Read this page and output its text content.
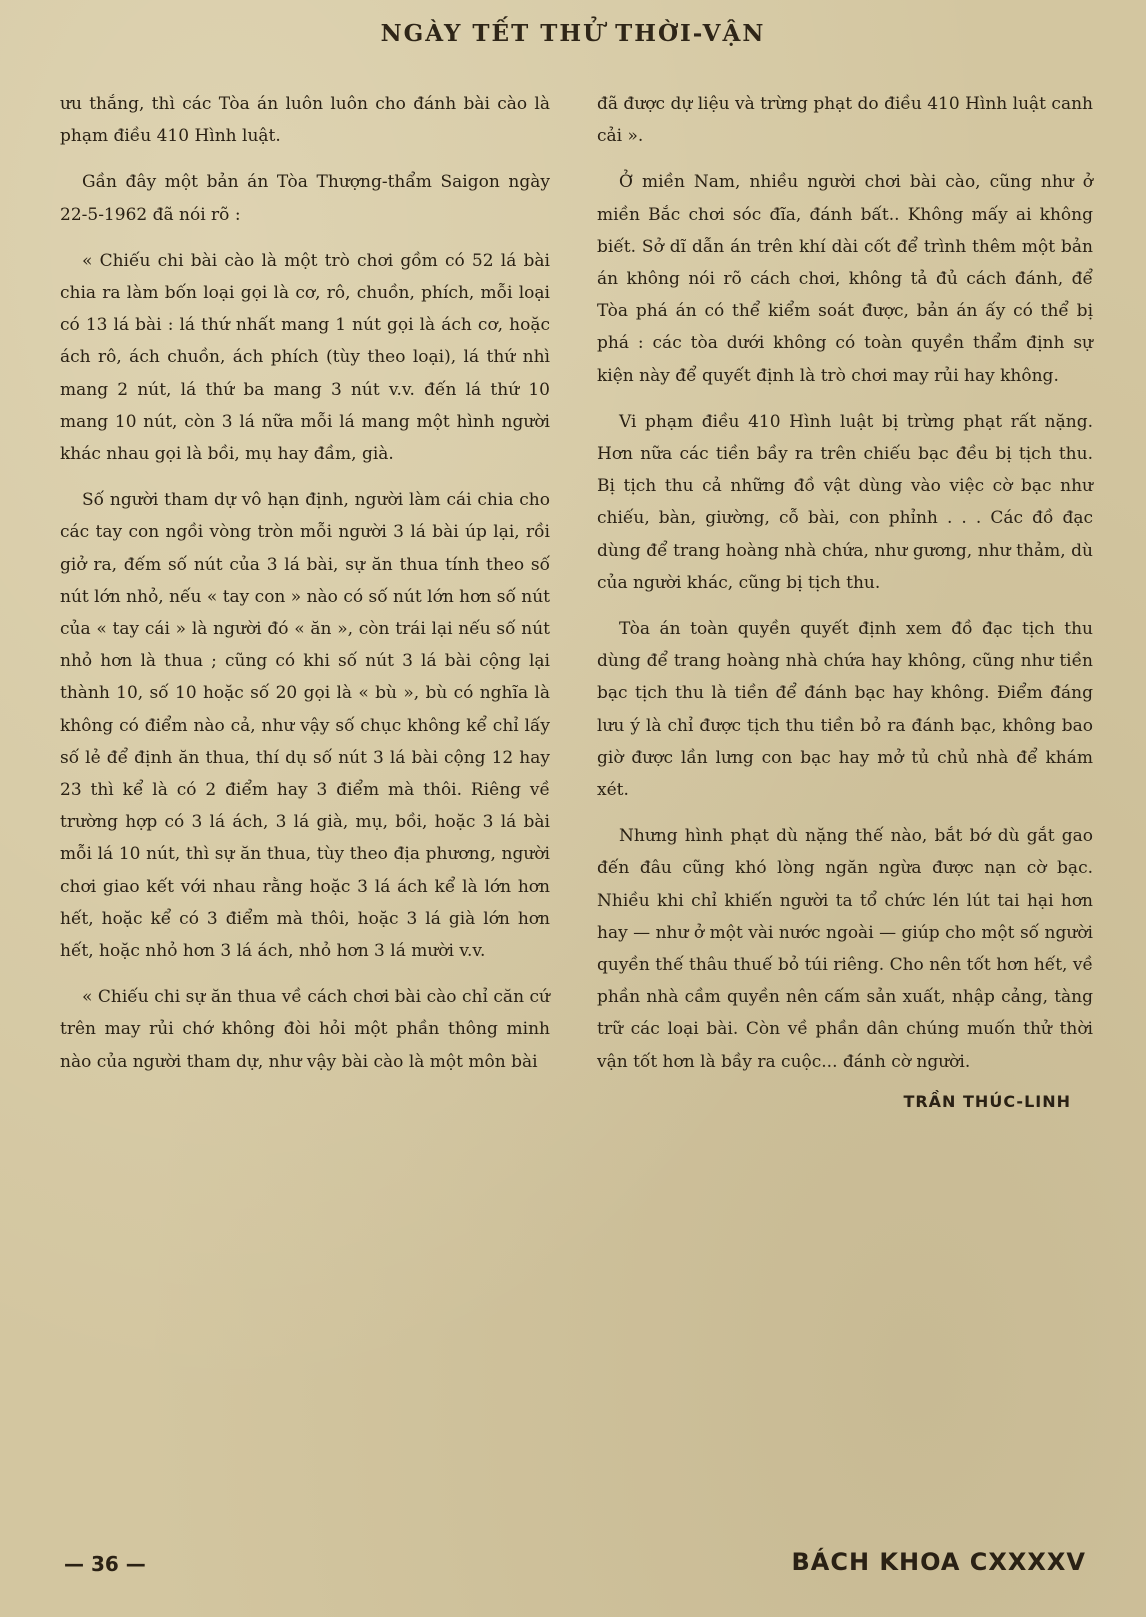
NGÀY TẾT THỬ THỜI-VẬN

ưu thắng, thì các Tòa án luôn luôn cho đánh bài cào là phạm điều 410 Hình luật.

Gần đây một bản án Tòa Thượng-thẩm Saigon ngày 22-5-1962 đã nói rõ :

« Chiếu chi bài cào là một trò chơi gồm có 52 lá bài chia ra làm bốn loại gọi là cơ, rô, chuồn, phích, mỗi loại có 13 lá bài : lá thứ nhất mang 1 nút gọi là ách cơ, hoặc ách rô, ách chuồn, ách phích (tùy theo loại), lá thứ nhì mang 2 nút, lá thứ ba mang 3 nút v.v. đến lá thứ 10 mang 10 nút, còn 3 lá nữa mỗi lá mang một hình người khác nhau gọi là bồi, mụ hay đầm, già.

Số người tham dự vô hạn định, người làm cái chia cho các tay con ngồi vòng tròn mỗi người 3 lá bài úp lại, rồi giở ra, đếm số nút của 3 lá bài, sự ăn thua tính theo số nút lớn nhỏ, nếu « tay con » nào có số nút lớn hơn số nút của « tay cái » là người đó « ăn », còn trái lại nếu số nút nhỏ hơn là thua ; cũng có khi số nút 3 lá bài cộng lại thành 10, số 10 hoặc số 20 gọi là « bù », bù có nghĩa là không có điểm nào cả, như vậy số chục không kể chỉ lấy số lẻ để định ăn thua, thí dụ số nút 3 lá bài cộng 12 hay 23 thì kể là có 2 điểm hay 3 điểm mà thôi. Riêng về trường hợp có 3 lá ách, 3 lá già, mụ, bồi, hoặc 3 lá bài mỗi lá 10 nút, thì sự ăn thua, tùy theo địa phương, người chơi giao kết với nhau rằng hoặc 3 lá ách kể là lớn hơn hết, hoặc kể có 3 điểm mà thôi, hoặc 3 lá già lớn hơn hết, hoặc nhỏ hơn 3 lá ách, nhỏ hơn 3 lá mười v.v.

« Chiếu chi sự ăn thua về cách chơi bài cào chỉ căn cứ trên may rủi chớ không đòi hỏi một phần thông minh nào của người tham dự, như vậy bài cào là một môn bài

đã được dự liệu và trừng phạt do điều 410 Hình luật canh cải ».

Ở miền Nam, nhiều người chơi bài cào, cũng như ở miền Bắc chơi sóc đĩa, đánh bất.. Không mấy ai không biết. Sở dĩ dẫn án trên khí dài cốt để trình thêm một bản án không nói rõ cách chơi, không tả đủ cách đánh, để Tòa phá án có thể kiểm soát được, bản án ấy có thể bị phá : các tòa dưới không có toàn quyền thẩm định sự kiện này để quyết định là trò chơi may rủi hay không.

Vi phạm điều 410 Hình luật bị trừng phạt rất nặng. Hơn nữa các tiền bầy ra trên chiếu bạc đều bị tịch thu. Bị tịch thu cả những đồ vật dùng vào việc cờ bạc như chiếu, bàn, giường, cỗ bài, con phỉnh . . . Các đồ đạc dùng để trang hoàng nhà chứa, như gương, như thảm, dù của người khác, cũng bị tịch thu.

Tòa án toàn quyền quyết định xem đồ đạc tịch thu dùng để trang hoàng nhà chứa hay không, cũng như tiền bạc tịch thu là tiền để đánh bạc hay không. Điểm đáng lưu ý là chỉ được tịch thu tiền bỏ ra đánh bạc, không bao giờ được lần lưng con bạc hay mở tủ chủ nhà để khám xét.

Nhưng hình phạt dù nặng thế nào, bắt bớ dù gắt gao đến đâu cũng khó lòng ngăn ngừa được nạn cờ bạc. Nhiều khi chỉ khiến người ta tổ chức lén lút tai hại hơn hay — như ở một vài nước ngoài — giúp cho một số người quyền thế thâu thuế bỏ túi riêng. Cho nên tốt hơn hết, về phần nhà cầm quyền nên cấm sản xuất, nhập cảng, tàng trữ các loại bài. Còn về phần dân chúng muốn thử thời vận tốt hơn là bầy ra cuộc... đánh cờ người.

TRẦN THÚC-LINH
— 36 —	BÁCH KHOA CXXXXV
